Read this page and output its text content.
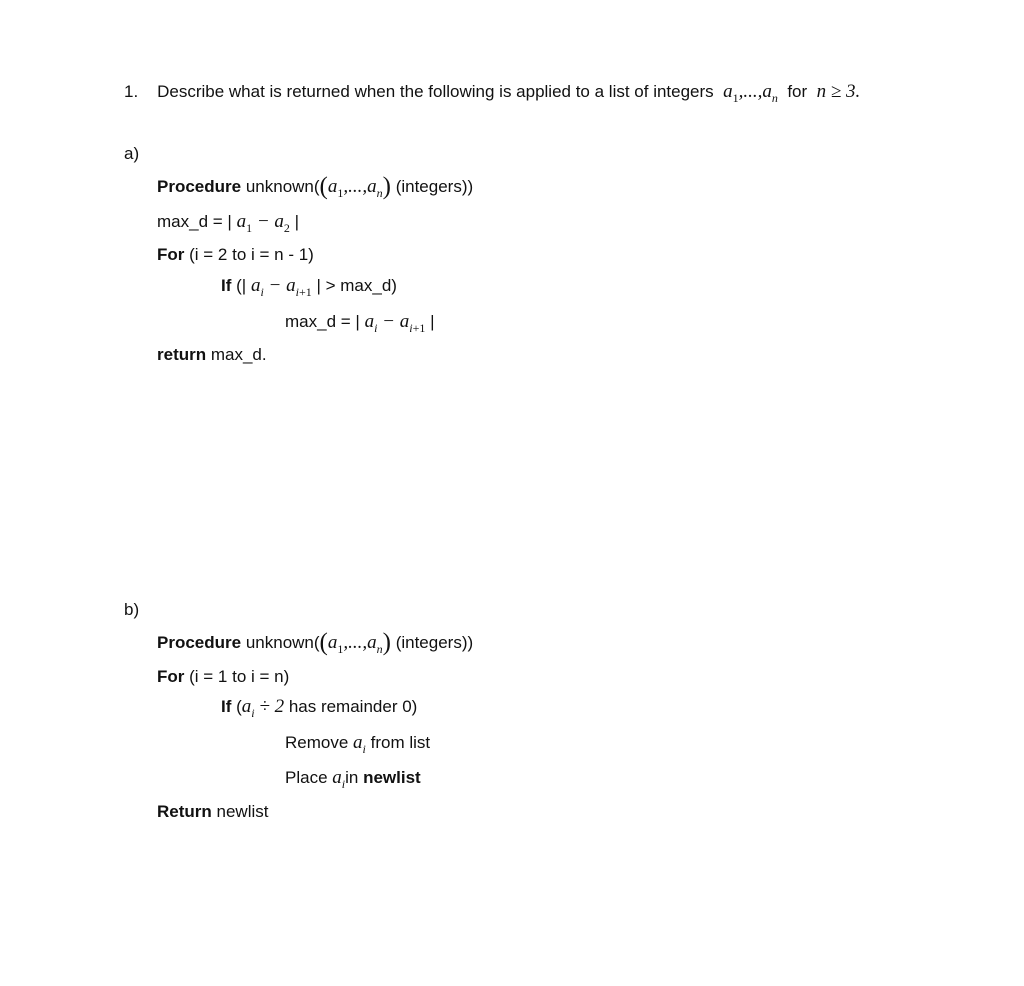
1. Describe what is returned when the following is applied to a list of integers $a_1,...,a_n$ for n ≥ 3.
a)
Procedure $unknown((a_1,...,a_n)$ (integers))
max_d = | $a_1 - a_2$ |
For (i = 2 to i = n - 1)
If (| $a_i - a_{i+1}$ | > max_d)
max_d = | $a_i - a_{i+1}$ |
return max_d.
b)
Procedure $unknown((a_1,...,a_n)$ (integers))
For (i = 1 to i = n)
If ($a_i \div 2$ has remainder 0)
Remove $a_i$ from list
Place $a_iin$ newlist
Return newlist
